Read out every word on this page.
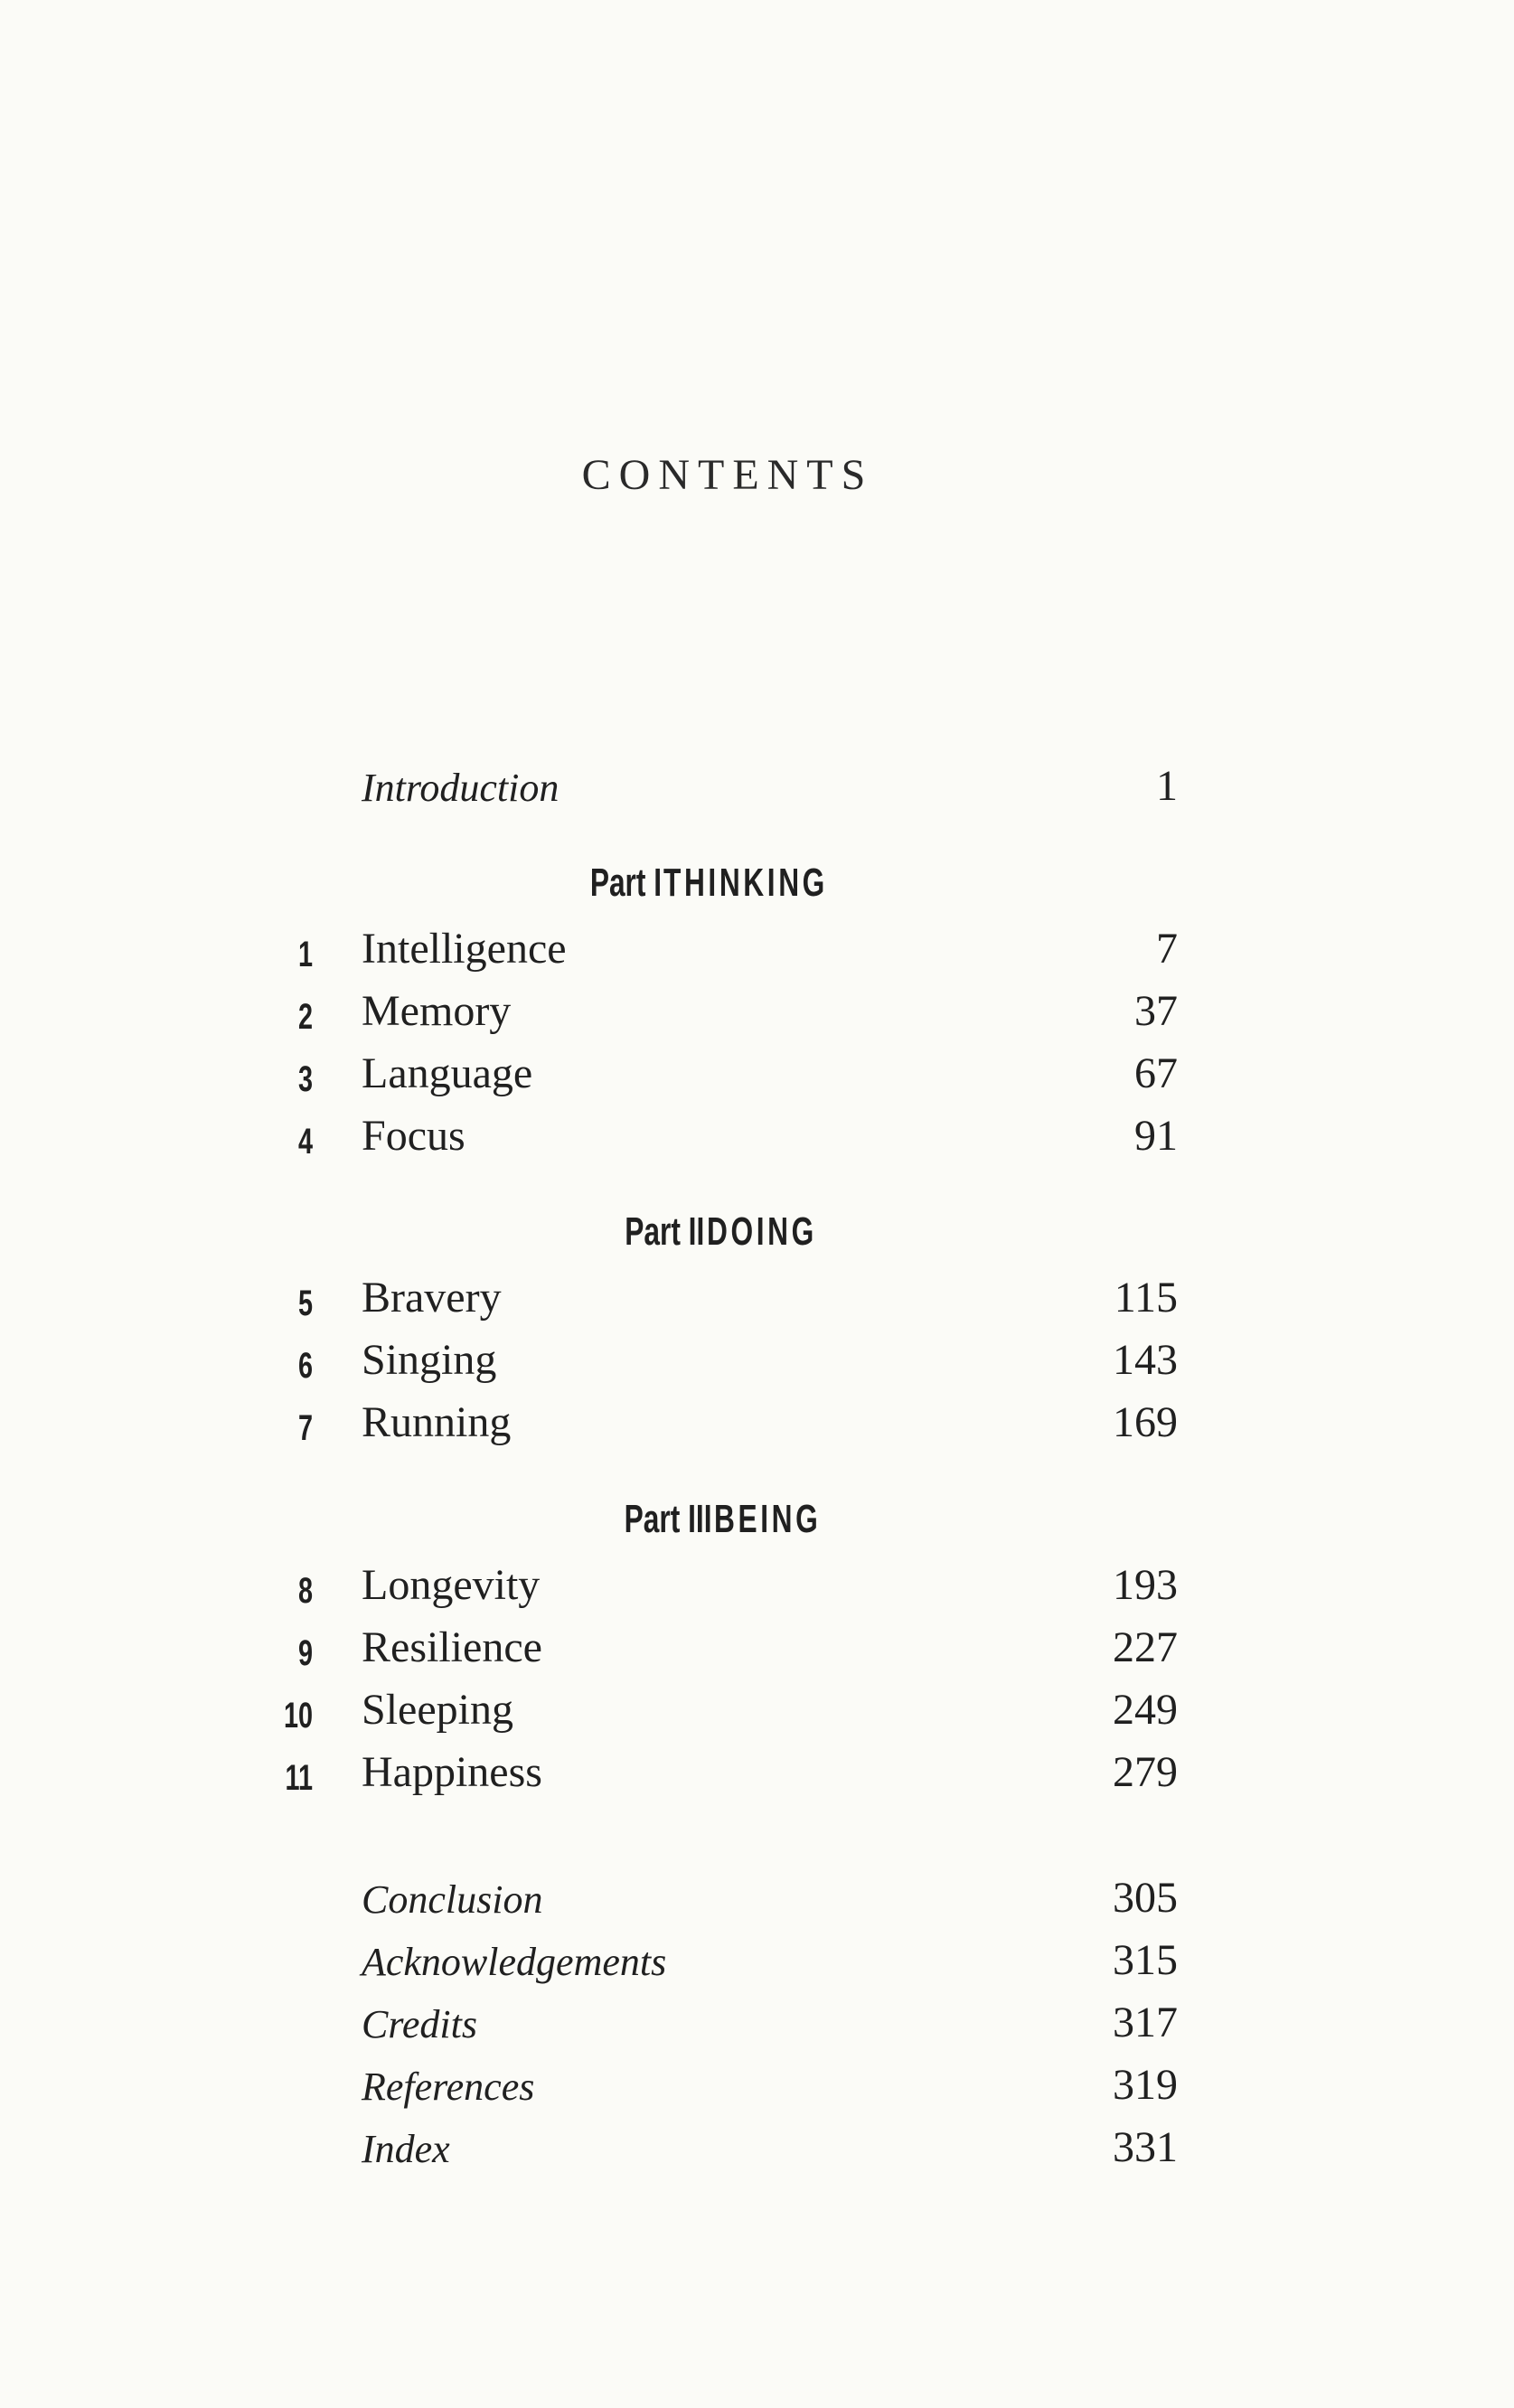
CONTENTS
Introduction	1
Part I THINKING
1 Intelligence	7
2 Memory	37
3 Language	67
4 Focus	91
Part II DOING
5 Bravery	115
6 Singing	143
7 Running	169
Part III BEING
8 Longevity	193
9 Resilience	227
10 Sleeping	249
11 Happiness	279
Conclusion	305
Acknowledgements	315
Credits	317
References	319
Index	331
